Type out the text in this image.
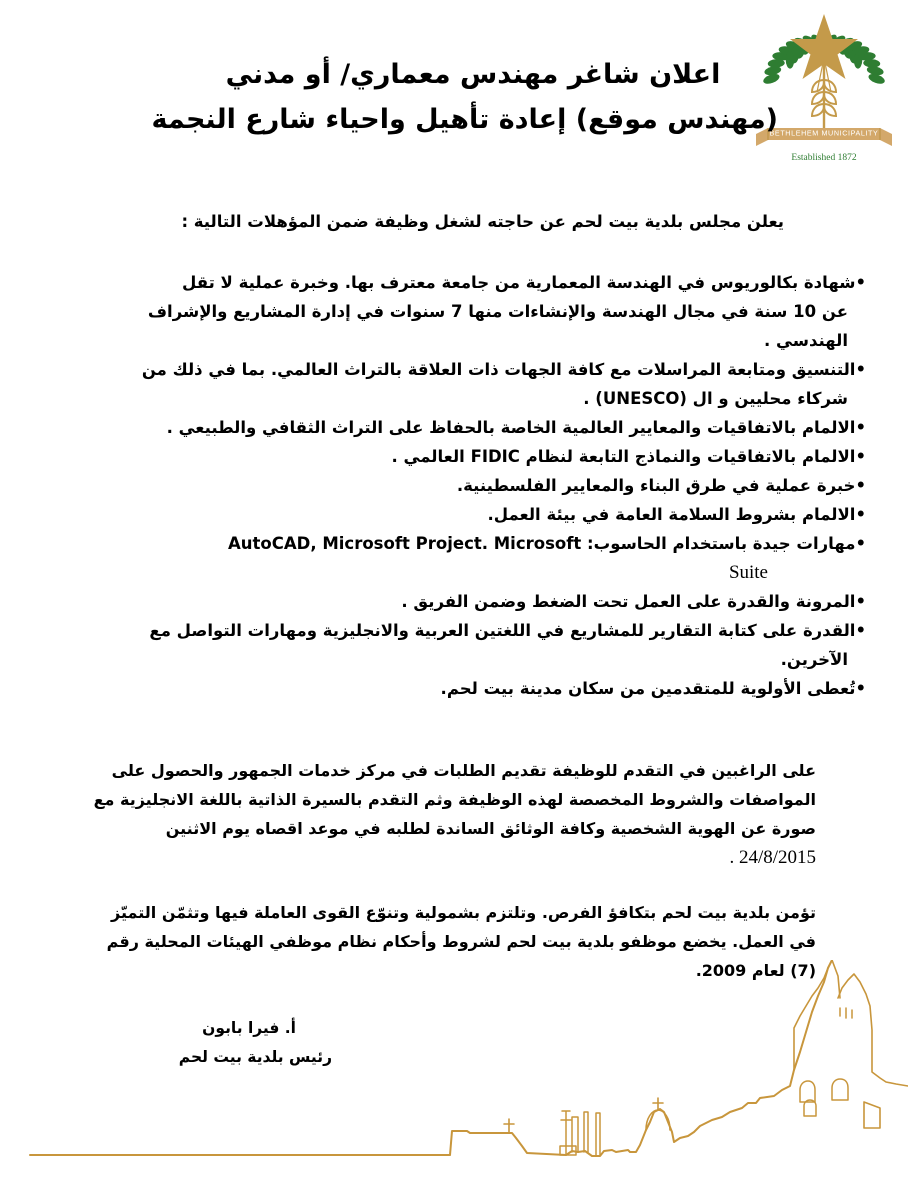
BETHLEHEM MUNICIPALITY
Established 1872
اعلان شاغر مهندس معماري/ أو مدني
(مهندس موقع) إعادة تأهيل واحياء شارع النجمة
يعلن مجلس بلدية بيت لحم عن حاجته لشغل وظيفة ضمن المؤهلات التالية :
•شهادة بكالوريوس في الهندسة المعمارية من جامعة معترف بها. وخبرة عملية لا تقل
عن 10 سنة في مجال الهندسة والإنشاءات منها 7 سنوات في إدارة المشاريع والإشراف
الهندسي .
•التنسيق ومتابعة المراسلات مع كافة الجهات ذات العلاقة بالتراث العالمي. بما في ذلك من
شركاء محليين و ال (UNESCO) .
•الالمام بالاتفاقيات والمعايير العالمية الخاصة بالحفاظ على التراث الثقافي والطبيعي .
•الالمام بالاتفاقيات والنماذج التابعة لنظام FIDIC العالمي .
•خبرة عملية في طرق البناء والمعايير الفلسطينية.
•الالمام بشروط السلامة العامة في بيئة العمل.
•مهارات جيدة باستخدام الحاسوب: AutoCAD, Microsoft Project. Microsoft
Suite
•المرونة والقدرة على العمل تحت الضغط وضمن الفريق .
•القدرة على كتابة التقارير للمشاريع في اللغتين العربية والانجليزية ومهارات التواصل مع
الآخرين.
•تُعطى الأولوية للمتقدمين من سكان مدينة بيت لحم.
على الراغبين في التقدم للوظيفة تقديم الطلبات في مركز خدمات الجمهور والحصول على
المواصفات والشروط المخصصة لهذه الوظيفة وثم التقدم بالسيرة الذاتية باللغة الانجليزية مع
صورة عن الهوية الشخصية وكافة الوثائق الساندة لطلبه في موعد اقصاه يوم الاثنين
24/8/2015 .
تؤمن بلدية بيت لحم بتكافؤ الفرص. وتلتزم بشمولية وتنوّع القوى العاملة فيها وتثمّن التميّز
في العمل. يخضع موظفو بلدية بيت لحم لشروط وأحكام نظام موظفي الهيئات المحلية رقم
(7) لعام 2009.
أ. فيرا بابون
رئيس بلدية بيت لحم
